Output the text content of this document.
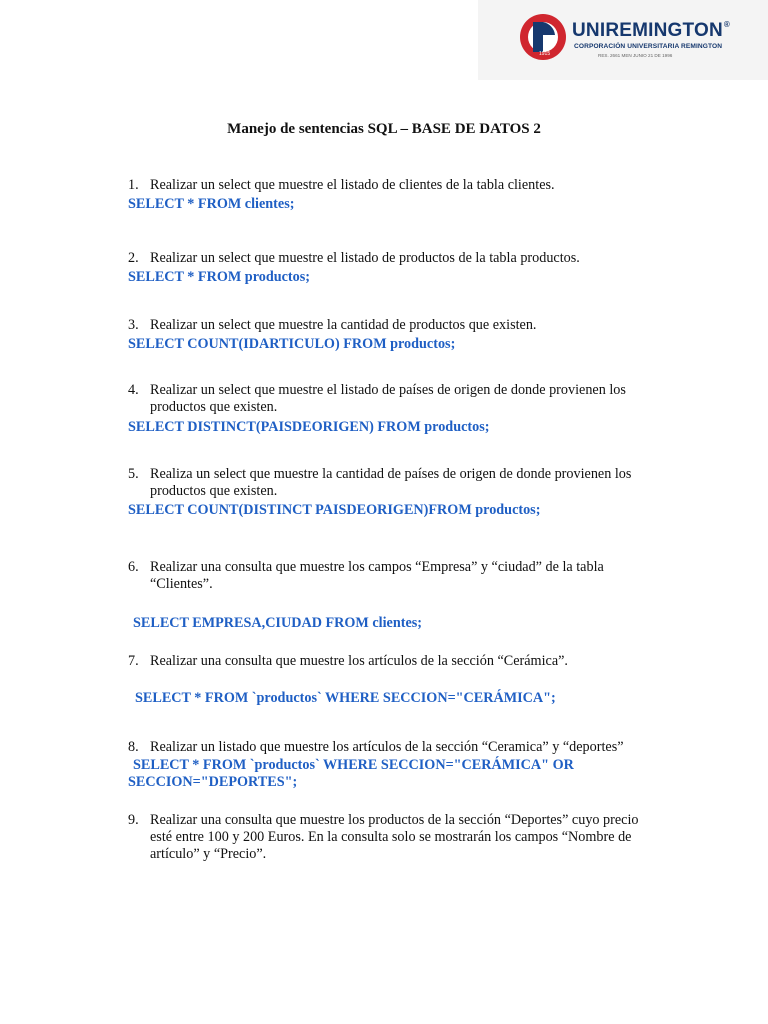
1915
UNIREMINGTON®
CORPORACIÓN UNIVERSITARIA REMINGTON
RES. 2661 MEN JUNIO 21 DE 1996
Manejo de sentencias SQL – BASE DE DATOS 2
1. Realizar un select que muestre el listado de clientes de la tabla clientes.
SELECT * FROM clientes;
2. Realizar un select que muestre el listado de productos de la tabla productos.
SELECT * FROM productos;
3. Realizar un select que muestre la cantidad de productos que existen.
SELECT COUNT(IDARTICULO) FROM productos;
4. Realizar un select que muestre el listado de países de origen de donde provienen los
productos que existen.
SELECT DISTINCT(PAISDEORIGEN) FROM productos;
5. Realiza un select que muestre la cantidad de países de origen de donde provienen los
productos que existen.
SELECT COUNT(DISTINCT PAISDEORIGEN)FROM productos;
6. Realizar una consulta que muestre los campos “Empresa” y “ciudad” de la tabla
“Clientes”.
SELECT EMPRESA,CIUDAD FROM clientes;
7. Realizar una consulta que muestre los artículos de la sección “Cerámica”.
SELECT * FROM `productos` WHERE SECCION="CERÁMICA";
8. Realizar un listado que muestre los artículos de la sección “Ceramica” y “deportes”
SELECT * FROM `productos` WHERE SECCION="CERÁMICA" OR
SECCION="DEPORTES";
9. Realizar una consulta que muestre los productos de la sección “Deportes” cuyo precio
esté entre 100 y 200 Euros. En la consulta solo se mostrarán los campos “Nombre de
artículo” y “Precio”.
